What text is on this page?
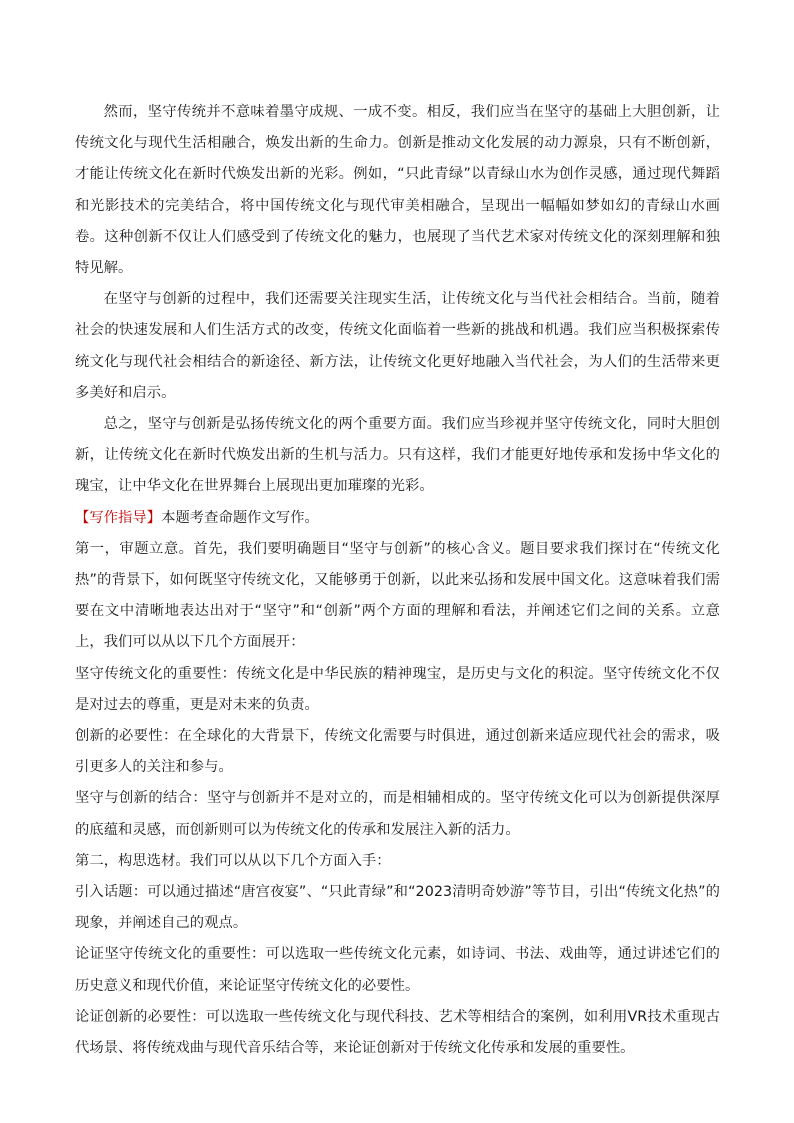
然而，坚守传统并不意味着墨守成规、一成不变。相反，我们应当在坚守的基础上大胆创新，让传统文化与现代生活相融合，焕发出新的生命力。创新是推动文化发展的动力源泉，只有不断创新，才能让传统文化在新时代焕发出新的光彩。例如，“只此青绿”以青绿山水为创作灵感，通过现代舞蹈和光影技术的完美结合，将中国传统文化与现代审美相融合，呈现出一幅幅如梦如幻的青绿山水画卷。这种创新不仅让人们感受到了传统文化的魅力，也展现了当代艺术家对传统文化的深刻理解和独特见解。

在坚守与创新的过程中，我们还需要关注现实生活，让传统文化与当代社会相结合。当前，随着社会的快速发展和人们生活方式的改变，传统文化面临着一些新的挑战和机遇。我们应当积极探索传统文化与现代社会相结合的新途径、新方法，让传统文化更好地融入当代社会，为人们的生活带来更多美好和启示。

总之，坚守与创新是弘扬传统文化的两个重要方面。我们应当珍视并坚守传统文化，同时大胆创新，让传统文化在新时代焕发出新的生机与活力。只有这样，我们才能更好地传承和发扬中华文化的瑰宝，让中华文化在世界舞台上展现出更加璀璨的光彩。

【写作指导】本题考查命题作文写作。

第一，审题立意。首先，我们要明确题目“坚守与创新”的核心含义。题目要求我们探讨在“传统文化热”的背景下，如何既坚守传统文化，又能够勇于创新，以此来弘扬和发展中国文化。这意味着我们需要在文中清晰地表达出对于“坚守”和“创新”两个方面的理解和看法，并阐述它们之间的关系。立意上，我们可以从以下几个方面展开：

坚守传统文化的重要性：传统文化是中华民族的精神瑰宝，是历史与文化的积淀。坚守传统文化不仅是对过去的尊重，更是对未来的负责。

创新的必要性：在全球化的大背景下，传统文化需要与时俱进，通过创新来适应现代社会的需求，吸引更多人的关注和参与。

坚守与创新的结合：坚守与创新并不是对立的，而是相辅相成的。坚守传统文化可以为创新提供深厚的底蕴和灵感，而创新则可以为传统文化的传承和发展注入新的活力。

第二，构思选材。我们可以从以下几个方面入手：

引入话题：可以通过描述“唐宫夜宴”、“只此青绿”和“2023清明奇妙游”等节目，引出“传统文化热”的现象，并阐述自己的观点。

论证坚守传统文化的重要性：可以选取一些传统文化元素，如诗词、书法、戏曲等，通过讲述它们的历史意义和现代价值，来论证坚守传统文化的必要性。

论证创新的必要性：可以选取一些传统文化与现代科技、艺术等相结合的案例，如利用VR技术重现古代场景、将传统戏曲与现代音乐结合等，来论证创新对于传统文化传承和发展的重要性。
